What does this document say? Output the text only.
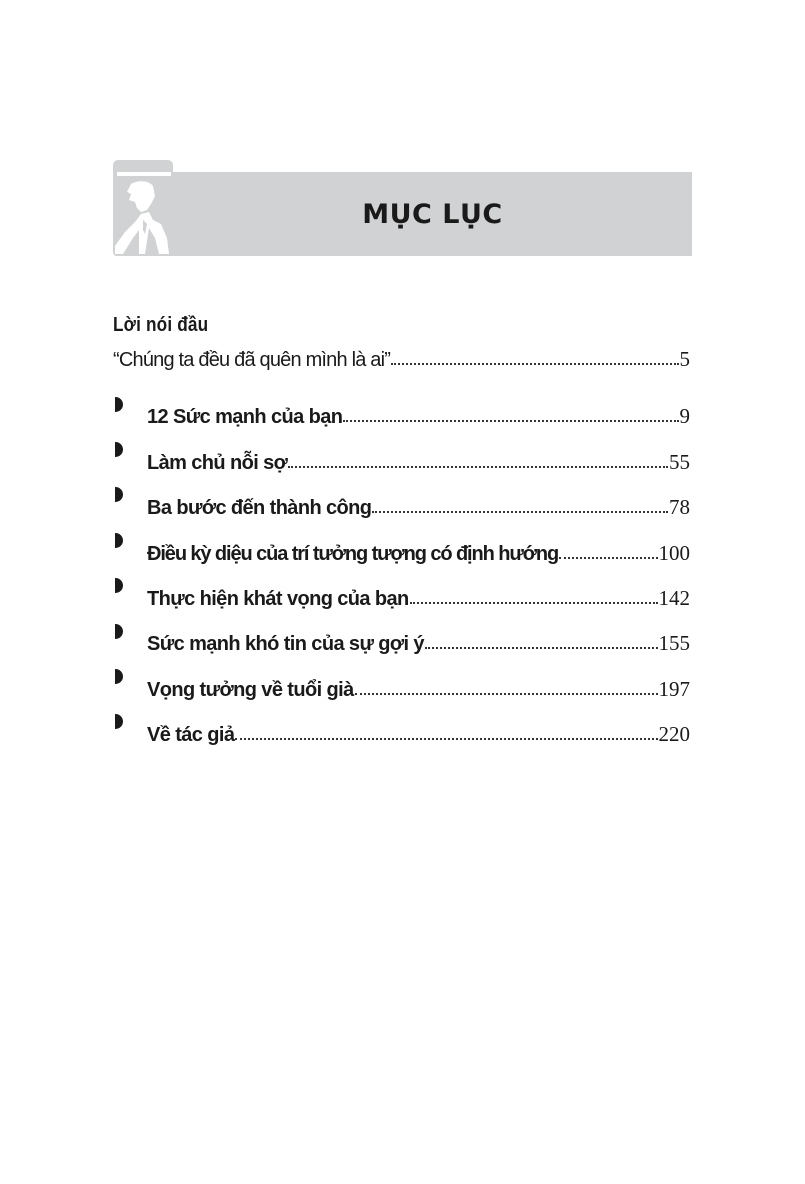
MỤC LỤC
Lời nói đầu
“Chúng ta đều đã quên mình là ai”	5
12 Sức mạnh của bạn	9
Làm chủ nỗi sợ	55
Ba bước đến thành công	78
Điều kỳ diệu của trí tưởng tượng có định hướng	100
Thực hiện khát vọng của bạn	142
Sức mạnh khó tin của sự gợi ý	155
Vọng tưởng về tuổi già	197
Về tác giả	220
